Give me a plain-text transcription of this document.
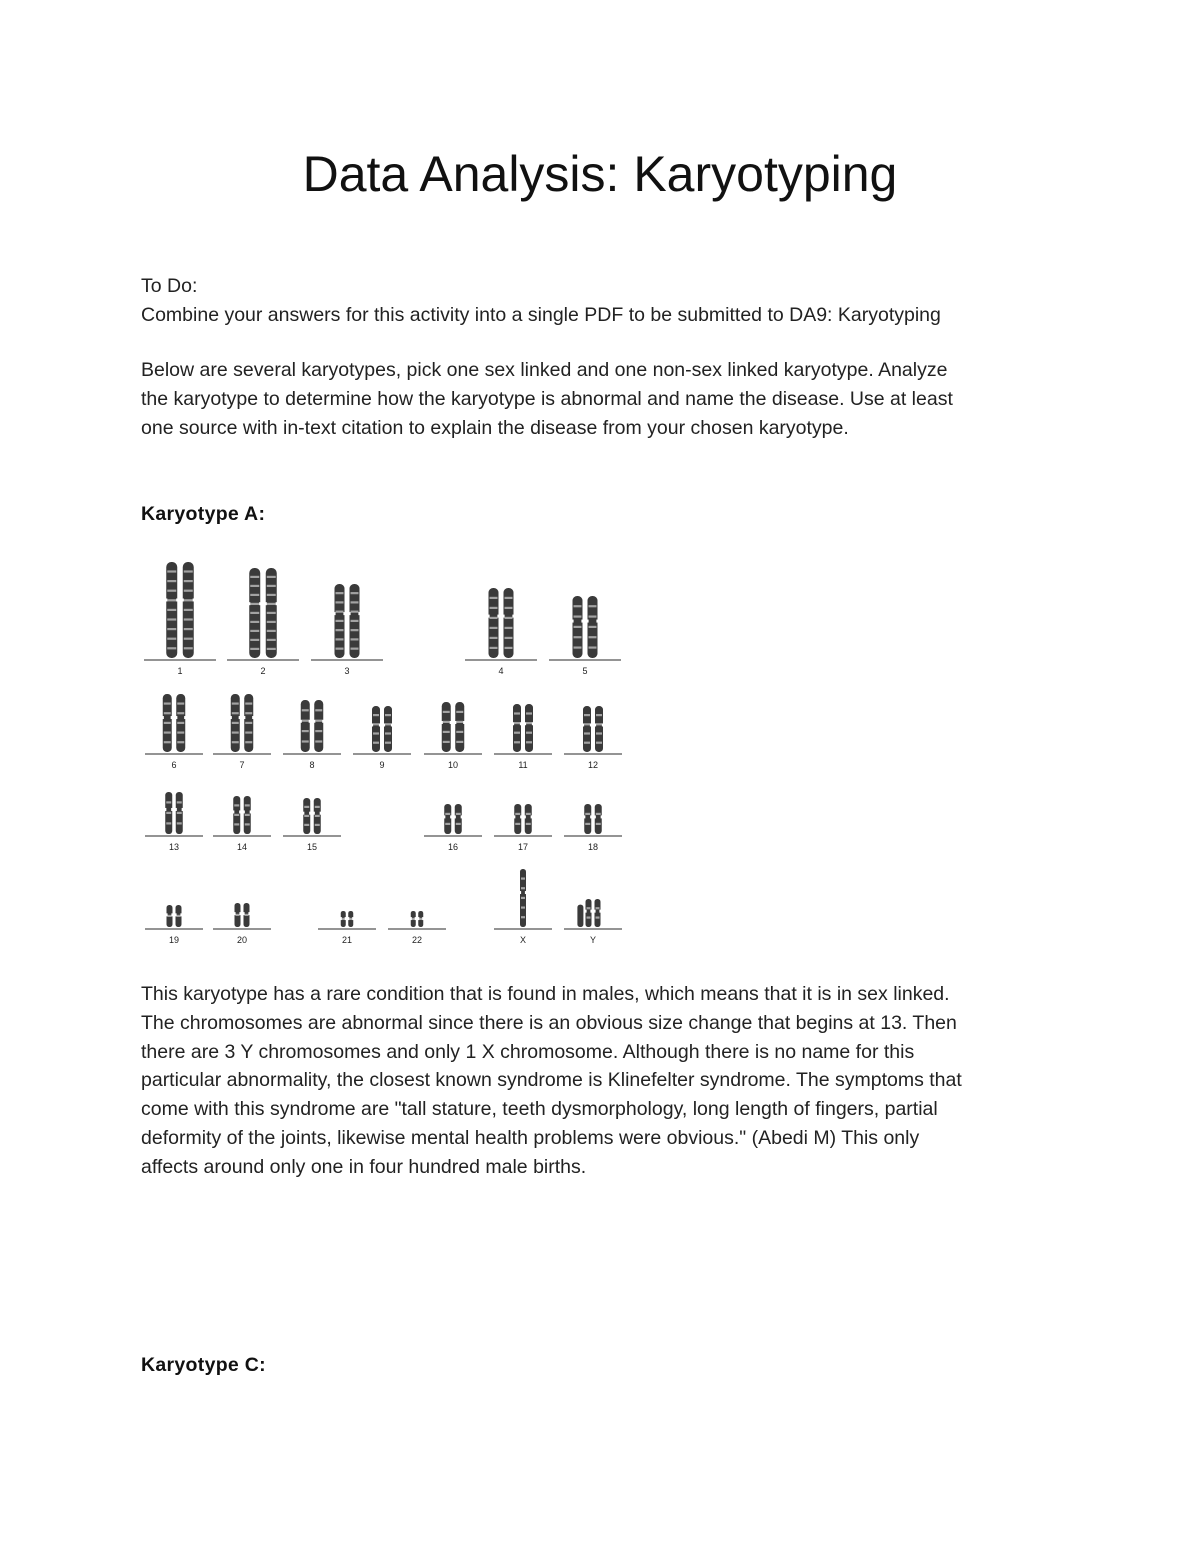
Data Analysis: Karyotyping

To Do:
Combine your answers for this activity into a single PDF to be submitted to DA9: Karyotyping

Below are several karyotypes, pick one sex linked and one non-sex linked karyotype. Analyze
the karyotype to determine how the karyotype is abnormal and name the disease. Use at least
one source with in-text citation to explain the disease from your chosen karyotype.

Karyotype A:
1	2	3	4	5
6	7	8	9	10	11	12
13	14	15	16	17	18
19	20	21	22	X	Y

This karyotype has a rare condition that is found in males, which means that it is in sex linked.
The chromosomes are abnormal since there is an obvious size change that begins at 13. Then
there are 3 Y chromosomes and only 1 X chromosome. Although there is no name for this
particular abnormality, the closest known syndrome is Klinefelter syndrome. The symptoms that
come with this syndrome are "tall stature, teeth dysmorphology, long length of fingers, partial
deformity of the joints, likewise mental health problems were obvious." (Abedi M) This only
affects around only one in four hundred male births.

Karyotype C:
